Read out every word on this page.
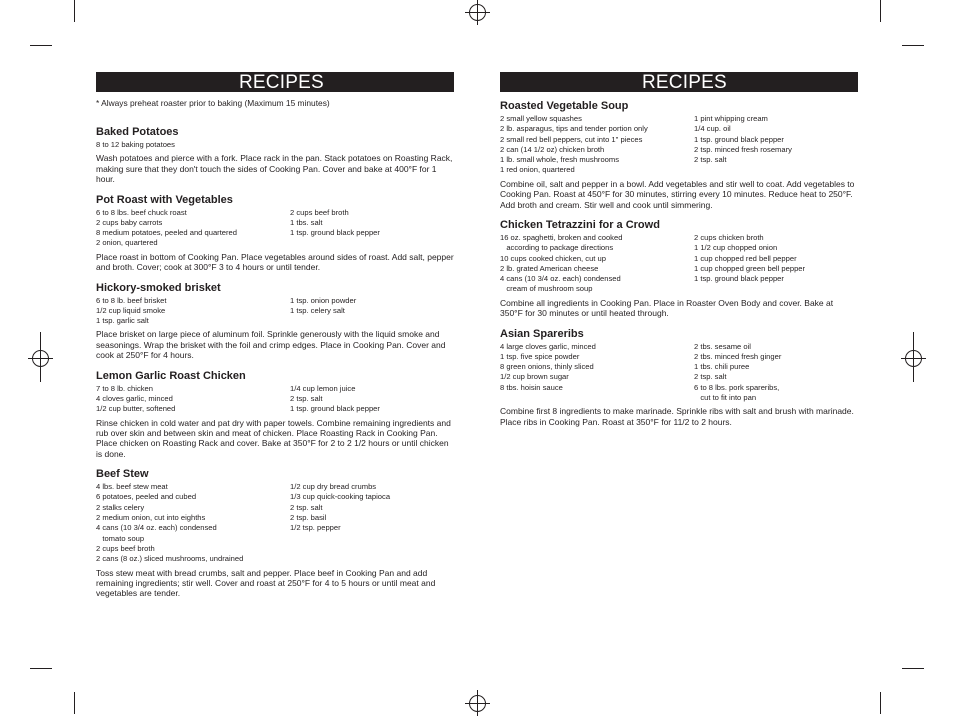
RECIPES
* Always preheat roaster prior to baking (Maximum 15 minutes)
Baked Potatoes
8 to 12 baking potatoes
Wash potatoes and pierce with a fork. Place rack in the pan. Stack potatoes on Roasting Rack, making sure that they don't touch the sides of Cooking Pan. Cover and bake at 400°F for 1 hour.
Pot Roast with Vegetables
6 to 8 lbs. beef chuck roast
2 cups baby carrots
8 medium potatoes, peeled and quartered
2 onion, quartered
2 cups beef broth
1 tbs. salt
1 tsp. ground black pepper
Place roast in bottom of Cooking Pan. Place vegetables around sides of roast. Add salt, pepper and broth. Cover; cook at 300°F 3 to 4 hours or until tender.
Hickory-smoked brisket
6 to 8 lb. beef brisket
1/2 cup liquid smoke
1 tsp. garlic salt
1 tsp. onion powder
1 tsp. celery salt
Place brisket on large piece of aluminum foil. Sprinkle generously with the liquid smoke and seasonings. Wrap the brisket with the foil and crimp edges. Place in Cooking Pan. Cover and cook at 250°F for 4 hours.
Lemon Garlic Roast Chicken
7 to 8 lb. chicken
4 cloves garlic, minced
1/2 cup butter, softened
1/4 cup lemon juice
2 tsp. salt
1 tsp. ground black pepper
Rinse chicken in cold water and pat dry with paper towels. Combine remaining ingredients and rub over skin and between skin and meat of chicken. Place Roasting Rack in Cooking Pan. Place chicken on Roasting Rack and cover. Bake at 350°F for 2 to 2 1/2 hours or until chicken is done.
Beef Stew
4 lbs. beef stew meat
6 potatoes, peeled and cubed
2 stalks celery
2 medium onion, cut into eighths
4 cans (10 3/4 oz. each) condensed
tomato soup
2 cups beef broth
2 cans (8 oz.) sliced mushrooms, undrained
1/2 cup dry bread crumbs
1/3 cup quick-cooking tapioca
2 tsp. salt
2 tsp. basil
1/2 tsp. pepper
Toss stew meat with bread crumbs, salt and pepper. Place beef in Cooking Pan and add remaining ingredients; stir well. Cover and roast at 250°F for 4 to 5 hours or until meat and vegetables are tender.
RECIPES
Roasted Vegetable Soup
2 small yellow squashes
2 lb. asparagus, tips and tender portion only
2 small red bell peppers, cut into 1" pieces
2 can (14 1/2 oz) chicken broth
1 lb. small whole, fresh mushrooms
1 red onion, quartered
1 pint whipping cream
1/4 cup. oil
1 tsp. ground black pepper
2 tsp. minced fresh rosemary
2 tsp. salt
Combine oil, salt and pepper in a bowl. Add vegetables and stir well to coat. Add vegetables to Cooking Pan. Roast at 450°F for 30 minutes, stirring every 10 minutes. Reduce heat to 250°F. Add broth and cream. Stir well and cook until simmering.
Chicken Tetrazzini for a Crowd
16 oz. spaghetti, broken and cooked
according to package directions
10 cups cooked chicken, cut up
2 lb. grated American cheese
4 cans (10 3/4 oz. each) condensed
cream of mushroom soup
2 cups chicken broth
1 1/2 cup chopped onion
1 cup chopped red bell pepper
1 cup chopped green bell pepper
1 tsp. ground black pepper
Combine all ingredients in Cooking Pan. Place in Roaster Oven Body and cover. Bake at 350°F for 30 minutes or until heated through.
Asian Spareribs
4 large cloves garlic, minced
1 tsp. five spice powder
8 green onions, thinly sliced
1/2 cup brown sugar
8 tbs. hoisin sauce
2 tbs. sesame oil
2 tbs. minced fresh ginger
1 tbs. chili puree
2 tsp. salt
6 to 8 lbs. pork spareribs,
cut to fit into pan
Combine first 8 ingredients to make marinade. Sprinkle ribs with salt and brush with marinade. Place ribs in Cooking Pan. Roast at 350°F for 11/2 to 2 hours.
